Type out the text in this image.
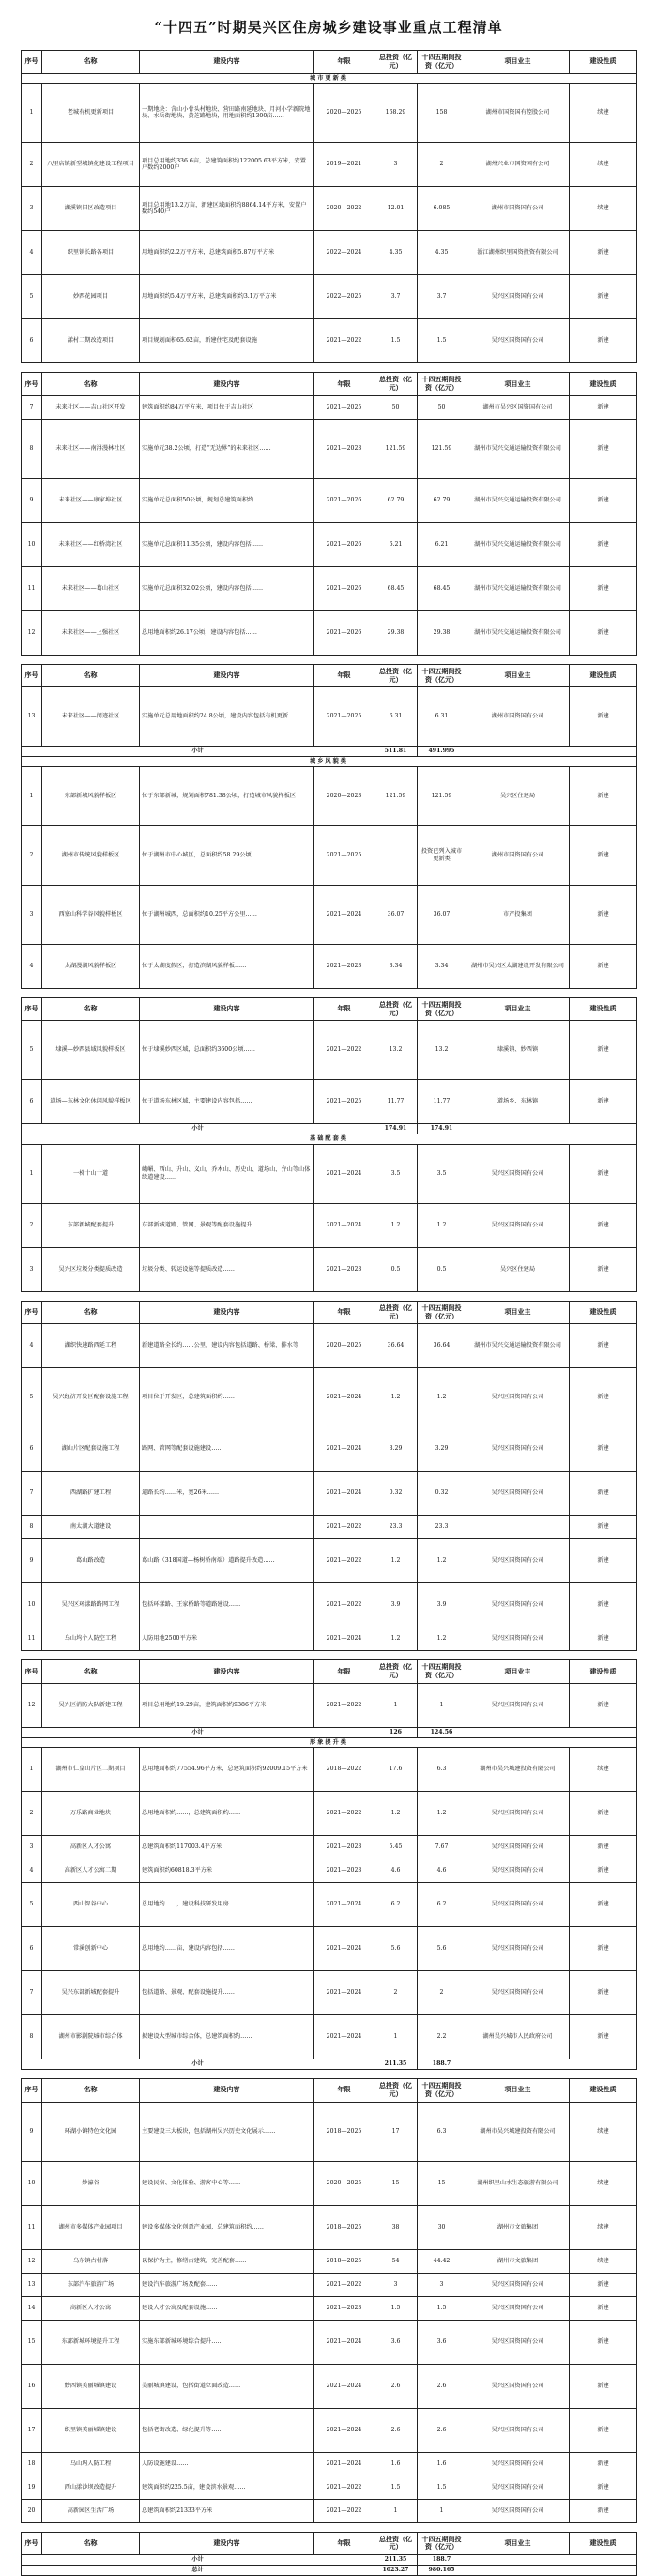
“十四五”时期吴兴区住房城乡建设事业重点工程清单
序号	名称	建设内容	年限	总投资（亿元）	十四五期间投资（亿元）	项目业主	建设性质
城市更新类							
1	老城有机更新项目	一期地块：含山小骨头村地块、营田路南延地块、月河小学新院地块、水岳街地块、黄芝路地块，用地面积约1300亩……	2020—2025	168.29	158	湖州市国资国有控股公司	续建
2	八里店镇新型城镇化建设工程项目	项目总用地约336.6亩，总建筑面积约122005.63平方米，安置户数约2000户	2019—2021	3	2	湖州兴业市国资国有公司	续建
3	湖溪镇旧区改造项目	项目总用地13.2万亩，新建区域面积约8864.14平方米，安置户数约540户	2020—2022	12.01	6.085	湖州市国资国有公司	续建
4	织里镇长路各项目	用地面积约2.2万平方米，总建筑面积5.87万平方米	2022—2024	4.35	4.35	浙江湖州织里国资投资有限公司	新建
5	妙西花园项目	用地面积约5.4万平方米，总建筑面积约3.1万平方米	2022—2025	3.7	3.7	吴兴区国资国有公司	新建
6	漾村二期改造项目	项目规划面积65.62亩，新建住宅及配套设施	2021—2022	1.5	1.5	吴兴区国资国有公司	新建
序号	名称	建设内容	年限	总投资（亿元）	十四五期间投资（亿元）	项目业主	建设性质
7	未来社区——吉山社区开发	建筑面积约84万平方米，项目位于吉山社区	2021—2025	50	50	湖州市吴兴区国资国有公司	新建
8	未来社区——南浔漫林社区	实施单元38.2公顷，打造“无边界”的未来社区……	2021—2023	121.59	121.59	湖州市吴兴交通运输投资有限公司	新建
9	未来社区——康家埠社区	实施单元总面积50公顷，规划总建筑面积约……	2021—2026	62.79	62.79	湖州市吴兴交通运输投资有限公司	新建
10	未来社区——红桥湾社区	实施单元总面积11.35公顷，建设内容包括……	2021—2026	6.21	6.21	湖州市吴兴交通运输投资有限公司	新建
11	未来社区——葛山社区	实施单元总面积32.02公顷，建设内容包括……	2021—2026	68.45	68.45	湖州市吴兴交通运输投资有限公司	新建
12	未来社区——上强社区	总用地面积约26.17公顷，建设内容包括……	2021—2026	29.38	29.38	湖州市吴兴交通运输投资有限公司	新建
序号	名称	建设内容	年限	总投资（亿元）	十四五期间投资（亿元）	项目业主	建设性质
13	未来社区——闵迹社区	实施单元总用地面积约24.8公顷，建设内容包括有机更新……	2021—2025	6.31	6.31	湖州市国资国有公司	新建
小计				511.81	491.995		
城乡风貌类							
1	东部新城风貌样板区	位于东部新城，规划面积781.38公顷，打造城市风貌样板区	2020—2023	121.59	121.59	吴兴区住建局	新建
2	湖州市传统风貌样板区	位于湖州市中心城区，总面积约58.29公顷……	2021—2025		投资已列入城市更新类	湖州市国资国有公司	新建
3	西塞山科学谷风貌样板区	位于湖州城西，总面积约10.25平方公里……	2021—2024	36.07	36.07	市产投集团	新建
4	太湖漫湖风貌样板区	位于太湖度假区，打造滨湖风貌样板……	2021—2023	3.34	3.34	湖州市吴兴区太湖建设开发有限公司	新建
序号	名称	建设内容	年限	总投资（亿元）	十四五期间投资（亿元）	项目业主	建设性质
5	埭溪—妙西县域风貌样板区	位于埭溪妙西区域，总面积约3600公顷……	2021—2022	13.2	13.2	埭溪镇、妙西镇	新建
6	道场—东林文化休闲风貌样板区	位于道场东林区域，主要建设内容包括……	2021—2025	11.77	11.77	道场乡、东林镇	新建
小计				174.91	174.91		
基础配套类							
1	一梯十山十道	峨嵋、西山、升山、义山、乔木山、历史山、道场山、弁山等山体绿道建设……	2021—2024	3.5	3.5	吴兴区国资国有公司	新建
2	东部新城配套提升	东部新城道路、管网、景观等配套设施提升……	2021—2024	1.2	1.2	吴兴区国资国有公司	新建
3	吴兴区垃圾分类提质改造	垃圾分类、转运设施等提质改造……	2021—2023	0.5	0.5	吴兴区住建局	新建
序号	名称	建设内容	年限	总投资（亿元）	十四五期间投资（亿元）	项目业主	建设性质
4	湖织快速路西延工程	新建道路全长约……公里，建设内容包括道路、桥梁、排水等	2020—2025	36.64	36.64	湖州市吴兴交通运输投资有限公司	新建
5	吴兴经济开发区配套设施工程	项目位于开发区，总建筑面积约……	2021—2024	1.2	1.2	吴兴区国资国有公司	新建
6	湖山片区配套设施工程	路网、管网等配套设施建设……	2021—2024	3.29	3.29	吴兴区国资国有公司	新建
7	西湖路扩建工程	道路长约……米，宽26米……	2021—2024	0.32	0.32	吴兴区国资国有公司	新建
8	南太湖大道建设		2021—2022	23.3	23.3		新建
9	葛山路改造	葛山路（318国道—杨树桥南端）道路提升改造……	2021—2022	1.2	1.2	吴兴区国资国有公司	新建
10	吴兴区环漾路路网工程	包括环漾路、王家桥路等道路建设……	2021—2022	3.9	3.9	吴兴区国资国有公司	新建
11	乌山坞个人防空工程	人防用地2500平方米	2021—2024	1.2	1.2	吴兴区国资国有公司	新建
序号	名称	建设内容	年限	总投资（亿元）	十四五期间投资（亿元）	项目业主	建设性质
12	吴兴区消防大队新建工程	项目总用地约19.29亩，建筑面积约9386平方米	2021—2022	1	1	吴兴区国资国有公司	新建
小计				126	124.56		
形象提升类							
1	湖州市仁皇山片区二期项目	总用地面积约77554.96平方米，总建筑面积约92009.15平方米	2018—2022	17.6	6.3	湖州市吴兴城建投资有限公司	续建
2	万乐路商业地块	总用地面积约……，总建筑面积约……	2021—2022	1.2	1.2	吴兴区国资国有公司	新建
3	高新区人才公寓	总建筑面积约117003.4平方米	2021—2023	5.45	7.67	吴兴区国资国有公司	新建
4	高新区人才公寓二期	建筑面积约60818.3平方米	2021—2023	4.6	4.6	吴兴区国资国有公司	新建
5	西山智谷中心	总用地约……，建设科技研发用房……	2021—2024	6.2	6.2	吴兴区国资国有公司	新建
6	常溪创新中心	总用地约……亩，建设内容包括……	2021—2024	5.6	5.6	吴兴区国资国有公司	新建
7	吴兴东部新城配套提升	包括道路、景观、配套设施提升……	2021—2024	2	2	吴兴区国资国有公司	新建
8	湖州市影剧院城市综合体	拟建设大型城市综合体，总建筑面积约……	2021—2024	1	2.2	湖州吴兴城市人民政府公司	新建
小计				211.35	188.7		
序号	名称	建设内容	年限	总投资（亿元）	十四五期间投资（亿元）	项目业主	建设性质
9	环湖小镇特色文化园	主要建设三大板块，包括湖州吴兴历史文化展示……	2018—2025	17	6.3	湖州市吴兴城建投资有限公司	续建
10	妙濠谷	建设民宿、文化体验、游客中心等……	2020—2025	15	15	湖州织里山水生态旅游有限公司	续建
11	湖州市多媒体产业园项目	建设多媒体文化创意产业园，总建筑面积约……	2018—2025	38	30	湖州市文旅集团	续建
12	乌东镇古村落	以保护为主，修缮古建筑、完善配套……	2018—2025	54	44.42	湖州市文旅集团	续建
13	东部汽车旅游广场	建设汽车旅游广场及配套……	2021—2022	3	3	吴兴区国资国有公司	新建
14	高新区人才公寓	建设人才公寓及配套设施……	2021—2023	1.5	1.5	吴兴区国资国有公司	新建
15	东部新城环境提升工程	实施东部新城环境综合提升……	2021—2024	3.6	3.6	吴兴区国资国有公司	新建
16	妙西镇美丽城镇建设	美丽城镇建设，包括街道立面改造……	2021—2024	2.6	2.6	吴兴区国资国有公司	新建
17	织里镇美丽城镇建设	包括老街改造、绿化提升等……	2021—2024	2.6	2.6	吴兴区国资国有公司	新建
18	乌山坞人防工程	人防设施建设……	2021—2024	1.6	1.6	吴兴区国资国有公司	新建
19	西山漾沙坝改造提升	建筑面积约225.5亩，建设滨水景观……	2021—2022	1.5	1.5	吴兴区国资国有公司	新建
20	高新园区生活广场	总建筑面积约21333平方米	2021—2022	1	1	吴兴区国资国有公司	新建
序号	名称	建设内容	年限	总投资（亿元）	十四五期间投资（亿元）	项目业主	建设性质
小计				211.35	188.7		
总计				1023.27	980.165		
